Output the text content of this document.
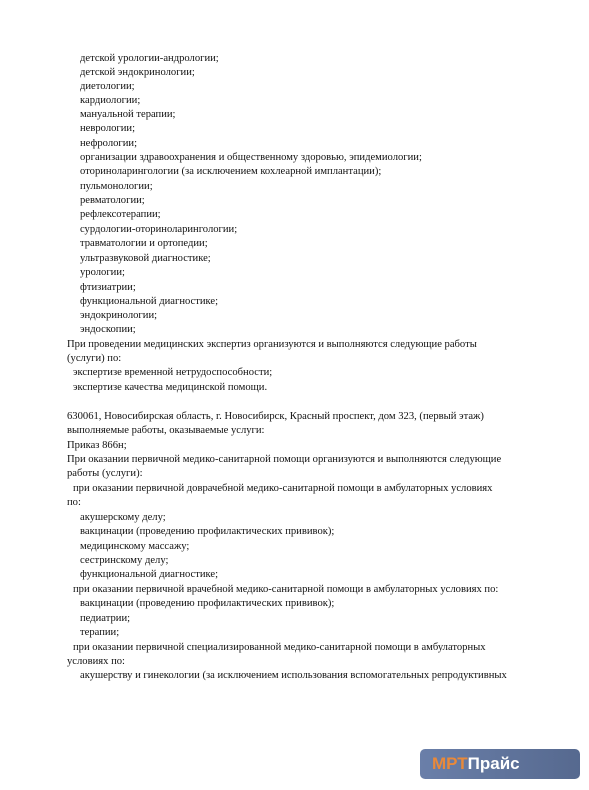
детской урологии-андрологии;
детской эндокринологии;
диетологии;
кардиологии;
мануальной терапии;
неврологии;
нефрологии;
организации здравоохранения и общественному здоровью, эпидемиологии;
оториноларингологии (за исключением кохлеарной имплантации);
пульмонологии;
ревматологии;
рефлексотерапии;
сурдологии-оториноларингологии;
травматологии и ортопедии;
ультразвуковой диагностике;
урологии;
фтизиатрии;
функциональной диагностике;
эндокринологии;
эндоскопии;
При проведении медицинских экспертиз организуются и выполняются следующие работы
(услуги) по:
экспертизе временной нетрудоспособности;
экспертизе качества медицинской помощи.
630061, Новосибирская область, г. Новосибирск, Красный проспект, дом 323, (первый этаж)
выполняемые работы, оказываемые услуги:
Приказ 866н;
При оказании первичной медико-санитарной помощи организуются и выполняются следующие
работы (услуги):
при оказании первичной доврачебной медико-санитарной помощи в амбулаторных условиях
по:
акушерскому делу;
вакцинации (проведению профилактических прививок);
медицинскому массажу;
сестринскому делу;
функциональной диагностике;
при оказании первичной врачебной медико-санитарной помощи в амбулаторных условиях по:
вакцинации (проведению профилактических прививок);
педиатрии;
терапии;
при оказании первичной специализированной медико-санитарной помощи в амбулаторных
условиях по:
акушерству и гинекологии (за исключением использования вспомогательных репродуктивных
МРТПрайс
